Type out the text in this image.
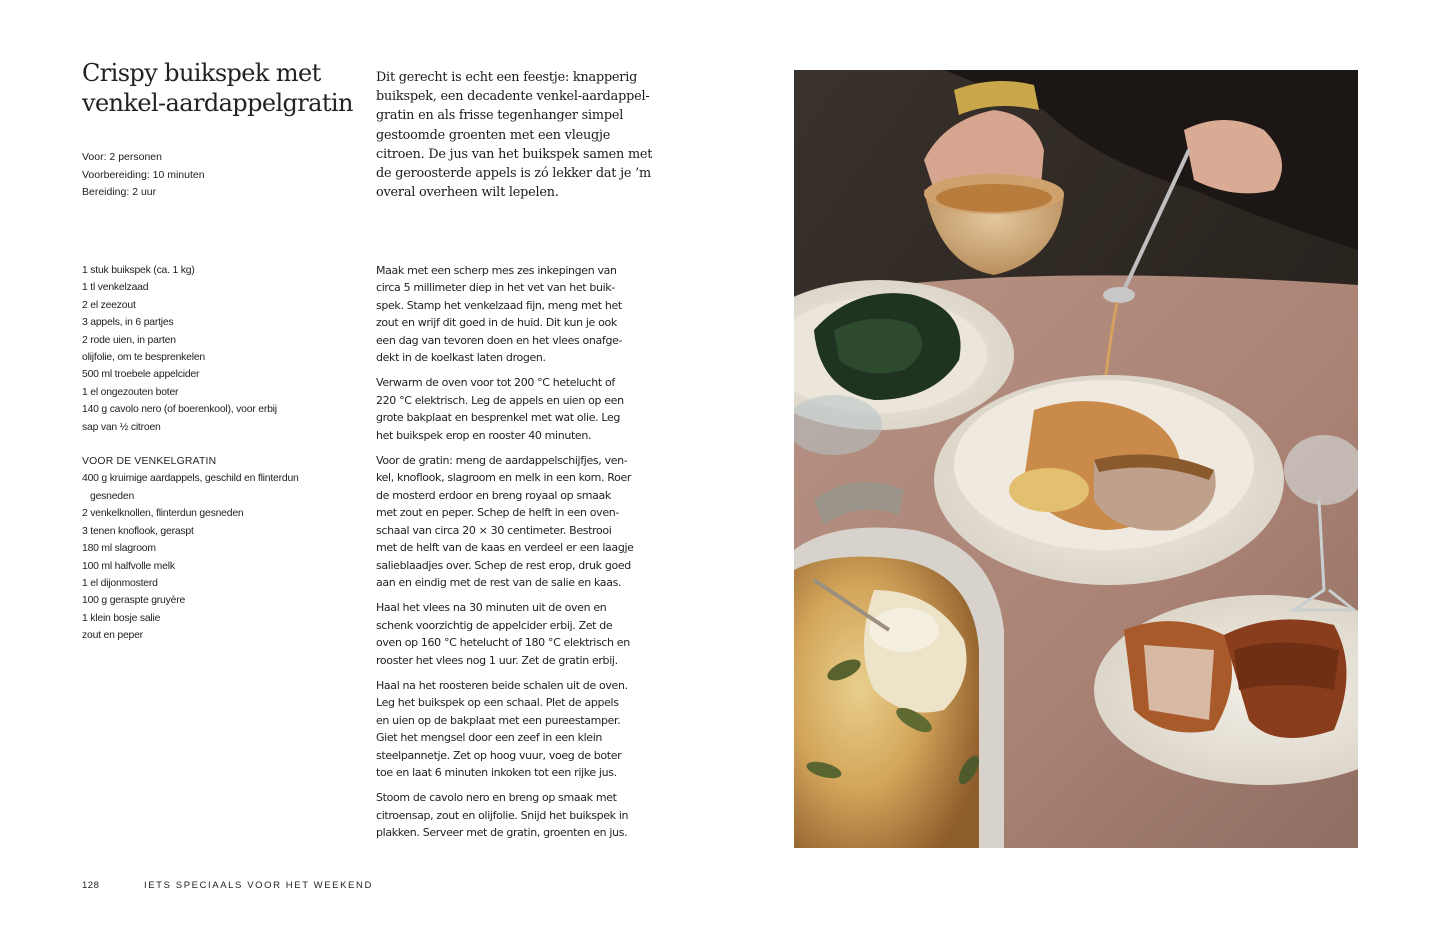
Crispy buikspek met
venkel-aardappelgratin
Voor: 2 personen
Voorbereiding: 10 minuten
Bereiding: 2 uur
Dit gerecht is echt een feestje: knapperig
buikspek, een decadente venkel-aardappel-
gratin en als frisse tegenhanger simpel
gestoomde groenten met een vleugje
citroen. De jus van het buikspek samen met
de geroosterde appels is zó lekker dat je ’m
overal overheen wilt lepelen.
1 stuk buikspek (ca. 1 kg)
1 tl venkelzaad
2 el zeezout
3 appels, in 6 partjes
2 rode uien, in parten
olijfolie, om te besprenkelen
500 ml troebele appelcider
1 el ongezouten boter
140 g cavolo nero (of boerenkool), voor erbij
sap van ½ citroen
VOOR DE VENKELGRATIN
400 g kruimige aardappels, geschild en flinterdun
gesneden
2 venkelknollen, flinterdun gesneden
3 tenen knoflook, geraspt
180 ml slagroom
100 ml halfvolle melk
1 el dijonmosterd
100 g geraspte gruyère
1 klein bosje salie
zout en peper
Maak met een scherp mes zes inkepingen van
circa 5 millimeter diep in het vet van het buik-
spek. Stamp het venkelzaad fijn, meng met het
zout en wrijf dit goed in de huid. Dit kun je ook
een dag van tevoren doen en het vlees onafge-
dekt in de koelkast laten drogen.
Verwarm de oven voor tot 200 °C hetelucht of
220 °C elektrisch. Leg de appels en uien op een
grote bakplaat en besprenkel met wat olie. Leg
het buikspek erop en rooster 40 minuten.
Voor de gratin: meng de aardappelschijfjes, ven-
kel, knoflook, slagroom en melk in een kom. Roer
de mosterd erdoor en breng royaal op smaak
met zout en peper. Schep de helft in een oven-
schaal van circa 20 × 30 centimeter. Bestrooi
met de helft van de kaas en verdeel er een laagje
salieblaadjes over. Schep de rest erop, druk goed
aan en eindig met de rest van de salie en kaas.
Haal het vlees na 30 minuten uit de oven en
schenk voorzichtig de appelcider erbij. Zet de
oven op 160 °C hetelucht of 180 °C elektrisch en
rooster het vlees nog 1 uur. Zet de gratin erbij.
Haal na het roosteren beide schalen uit de oven.
Leg het buikspek op een schaal. Plet de appels
en uien op de bakplaat met een pureestamper.
Giet het mengsel door een zeef in een klein
steelpannetje. Zet op hoog vuur, voeg de boter
toe en laat 6 minuten inkoken tot een rijke jus.
Stoom de cavolo nero en breng op smaak met
citroensap, zout en olijfolie. Snijd het buikspek in
plakken. Serveer met de gratin, groenten en jus.
128	IETS SPECIAALS VOOR HET WEEKEND
